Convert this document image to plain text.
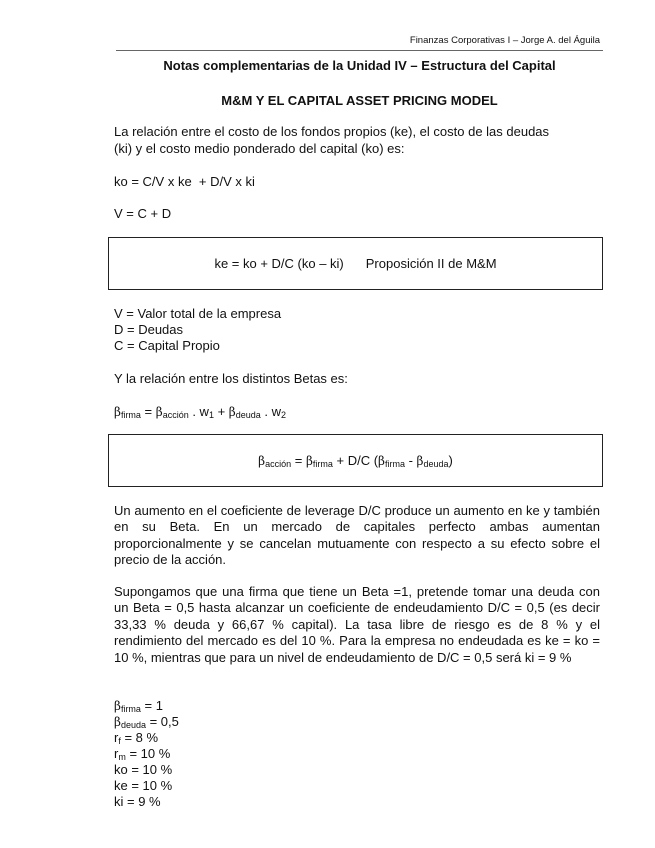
Finanzas Corporativas I – Jorge A. del Águila
Notas complementarias de la Unidad IV – Estructura del Capital
M&M Y EL CAPITAL ASSET PRICING MODEL
La relación entre el costo de los fondos propios (ke), el costo de las deudas
(ki) y el costo medio ponderado del capital (ko) es:
ko = C/V x ke  + D/V x ki
V = C + D
ke = ko + D/C (ko – ki) Proposición II de M&M
V = Valor total de la empresa
D = Deudas
C = Capital Propio
Y la relación entre los distintos Betas es:
$\beta_{firma} = \beta_{acción}$ . $w_1 + \beta_{deuda}$ . $w_2$
$\beta_{acción} = \beta_{firma} + D/C$ $(\beta_{firma} - \beta_{deuda})$
Un aumento en el coeficiente de leverage D/C produce un aumento en ke y también en su Beta. En un mercado de capitales perfecto ambas aumentan proporcionalmente y se cancelan mutuamente con respecto a su efecto sobre el precio de la acción.
Supongamos que una firma que tiene un Beta =1, pretende tomar una deuda con un Beta = 0,5 hasta alcanzar un coeficiente de endeudamiento D/C = 0,5 (es decir 33,33 % deuda y 66,67 % capital). La tasa libre de riesgo es de 8 % y el rendimiento del mercado es del 10 %. Para la empresa no endeudada es ke = ko = 10 %, mientras que para un nivel de endeudamiento de D/C = 0,5 será ki = 9 %
$\beta_{firma} = 1$
$\beta_{deuda} = 0,5$
$r_f = 8$ %
$r_m = 10$ %
ko = 10 %
ke = 10 %
ki = 9 %
